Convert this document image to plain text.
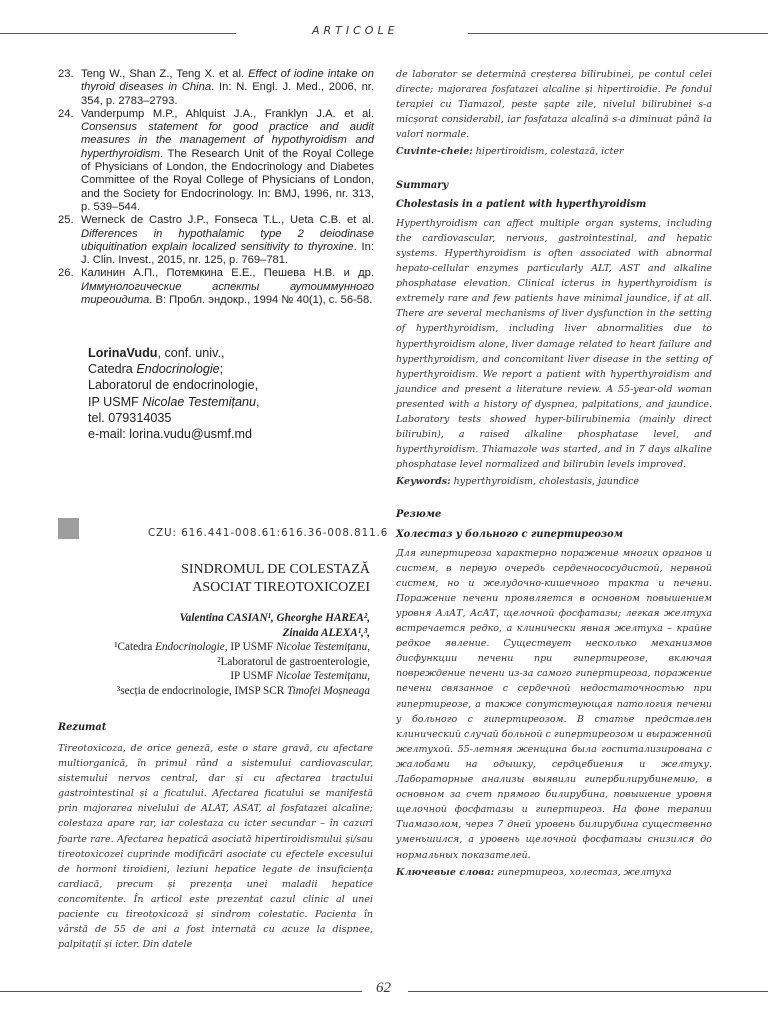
ARTICOLE
23. Teng W., Shan Z., Teng X. et al. Effect of iodine intake on thyroid diseases in China. In: N. Engl. J. Med., 2006, nr. 354, p. 2783–2793.
24. Vanderpump M.P., Ahlquist J.A., Franklyn J.A. et al. Consensus statement for good practice and audit measures in the management of hypothyroidism and hyperthyroidism. The Research Unit of the Royal College of Physicians of London, the Endocrinology and Diabetes Committee of the Royal College of Physicians of London, and the Society for Endocrinology. In: BMJ, 1996, nr. 313, p. 539–544.
25. Werneck de Castro J.P., Fonseca T.L., Ueta C.B. et al. Differences in hypothalamic type 2 deiodinase ubiquitination explain localized sensitivity to thyroxine. In: J. Clin. Invest., 2015, nr. 125, p. 769–781.
26. Калинин А.П., Потемкина Е.Е., Пешева Н.В. и др. Иммунологические аспекты аутоиммунного тиреоидита. В: Пробл. эндокр., 1994 № 40(1), с. 56-58.
LorinaVudu, conf. univ.,
Catedra Endocrinologie;
Laboratorul de endocrinologie,
IP USMF Nicolae Testemițanu,
tel. 079314035
e-mail: lorina.vudu@usmf.md
CZU: 616.441-008.61:616.36-008.811.6
SINDROMUL DE COLESTAZĂ
ASOCIAT TIREOTOXICOZEI
Valentina CASIAN¹, Gheorghe HAREA²,
Zinaida ALEXA¹,³,
¹Catedra Endocrinologie, IP USMF Nicolae Testemițanu,
²Laboratorul de gastroenterologie,
IP USMF Nicolae Testemițanu,
³secția de endocrinologie, IMSP SCR Timofei Moșneaga
Rezumat
Tireotoxicoza, de orice geneză, este o stare gravă, cu afectare multiorganică, în primul rând a sistemului cardiovascular, sistemului nervos central, dar și cu afectarea tractului gastrointestinal și a ficatului. Afectarea ficatului se manifestă prin majorarea nivelului de ALAT, ASAT, al fosfatazei alcaline; colestaza apare rar, iar colestaza cu icter secundar – în cazuri foarte rare. Afectarea hepatică asociată hipertiroidismului și/sau tireotoxicozei cuprinde modificări asociate cu efectele excesului de hormoni tiroidieni, leziuni hepatice legate de insuficiența cardiacă, precum și prezența unei maladii hepatice concomitente. În articol este prezentat cazul clinic al unei paciente cu tireotoxicoză și sindrom colestatic. Pacienta în vârstă de 55 de ani a fost internată cu acuze la dispnee, palpitații și icter. Din datele
de laborator se determină creșterea bilirubinei, pe contul celei directe; majorarea fosfatazei alcaline și hipertiroidie. Pe fondul terapiei cu Tiamazol, peste șapte zile, nivelul bilirubinei s-a micșorat considerabil, iar fosfataza alcalină s-a diminuat până la valori normale.
Cuvinte-cheie: hipertiroidism, colestază, icter
Summary
Cholestasis in a patient with hyperthyroidism
Hyperthyroidism can affect multiple organ systems, including the cardiovascular, nervous, gastrointestinal, and hepatic systems. Hyperthyroidism is often associated with abnormal hepato-cellular enzymes particularly ALT, AST and alkaline phosphatase elevation. Clinical icterus in hyperthyroidism is extremely rare and few patients have minimal jaundice, if at all. There are several mechanisms of liver dysfunction in the setting of hyperthyroidism, including liver abnormalities due to hyperthyroidism alone, liver damage related to heart failure and hyperthyroidism, and concomitant liver disease in the setting of hyperthyroidism. We report a patient with hyperthyroidism and jaundice and present a literature review. A 55-year-old woman presented with a history of dyspnea, palpitations, and jaundice. Laboratory tests showed hyper-bilirubinemia (mainly direct bilirubin), a raised alkaline phosphatase level, and hyperthyroidism. Thiamazole was started, and in 7 days alkaline phosphatase level normalized and bilirubin levels improved.
Keywords: hyperthyroidism, cholestasis, jaundice
Резюме
Холестаз у больного с гипертиреозом
Для гипертиреоза характерно поражение многих органов и систем, в первую очередь сердечнососудистой, нервной систем, но и желудочно-кишечного тракта и печени. Поражение печени проявляется в основном повышением уровня АлАТ, АсАТ, щелочной фосфатазы; легкая желтуха встречается редко, а клинически явная желтуха – крайне редкое явление. Существует несколько механизмов дисфункции печени при гипертиреозе, включая повреждение печени из-за самого гипертиреоза, поражение печени связанное с сердечной недостаточностью при гипертиреозе, а также сопутствующая патология печени у больного с гипертиреозом. В статье представлен клинический случай больной с гипертиреозом и выраженной желтухой. 55-летняя женщина была госпитализирована с жалобами на одышку, сердцебиения и желтуху. Лабораторные анализы выявили гипербилирубинемию, в основном за счет прямого билирубина, повышение уровня щелочной фосфатазы и гипертиреоз. На фоне терапии Тиамазолом, через 7 дней уровень билирубина существенно уменьшился, а уровень щелочной фосфатазы снизился до нормальных показателей.
Ключевые слова: гипертиреоз, холестаз, желтуха
62
